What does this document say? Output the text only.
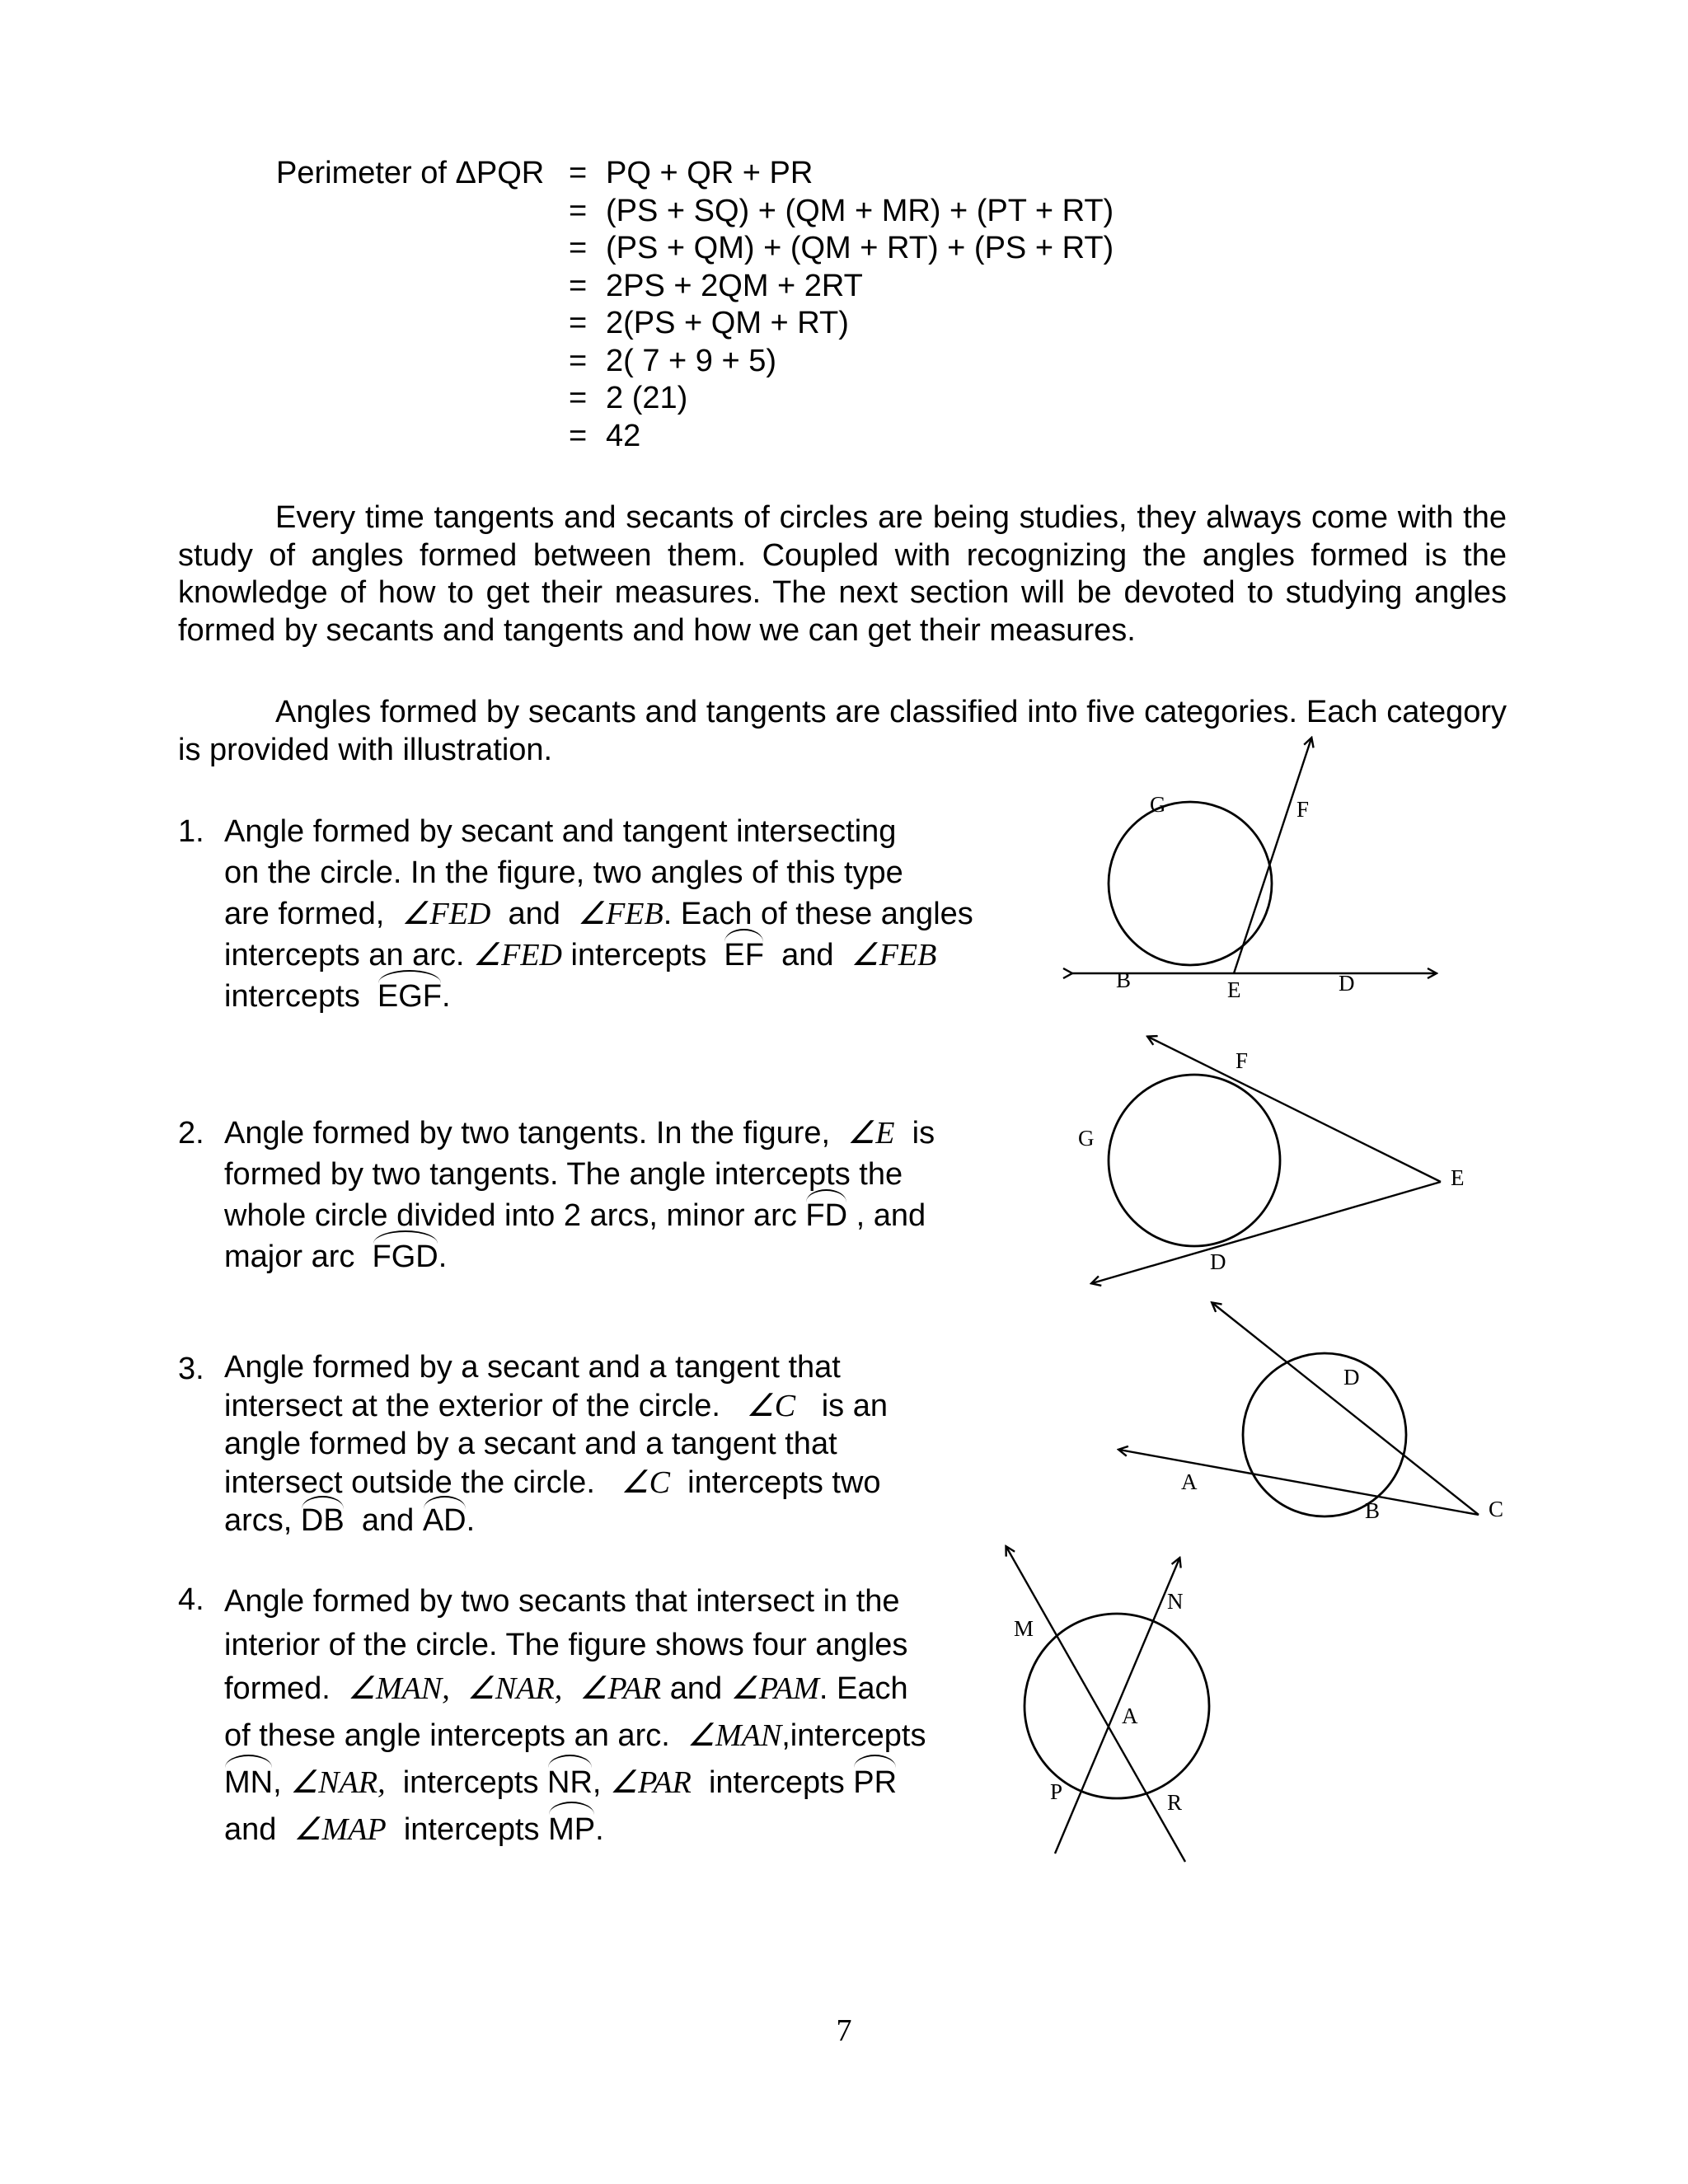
Perimeter of ΔPQR = PQ + QR + PR
= (PS + SQ) + (QM + MR) + (PT + RT)
= (PS + QM) + (QM + RT) + (PS + RT)
= 2PS + 2QM + 2RT
= 2(PS + QM + RT)
= 2( 7 + 9 + 5)
= 2 (21)
= 42
Every time tangents and secants of circles are being studies, they always come with the study of angles formed between them. Coupled with recognizing the angles formed is the knowledge of how to get their measures. The next section will be devoted to studying angles formed by secants and tangents and how we can get their measures.
Angles formed by secants and tangents are classified into five categories. Each category is provided with illustration.
1. Angle formed by secant and tangent intersecting
on the circle. In the figure, two angles of this type
are formed, ∠FED and ∠FEB. Each of these angles
intercepts an arc. ∠FED intercepts EF and ∠FEB
intercepts EGF.
2. Angle formed by two tangents. In the figure, ∠E is
formed by two tangents. The angle intercepts the
whole circle divided into 2 arcs, minor arc FD , and
major arc FGD.
3. Angle formed by a secant and a tangent that
intersect at the exterior of the circle. ∠C is an
angle formed by a secant and a tangent that
intersect outside the circle. ∠C intercepts two
arcs, DB and AD.
4. Angle formed by two secants that intersect in the
interior of the circle. The figure shows four angles
formed. ∠MAN, ∠NAR, ∠PAR and ∠PAM. Each
of these angle intercepts an arc. ∠MAN,intercepts
MN, ∠NAR, intercepts NR, ∠PAR intercepts PR
and ∠MAP intercepts MP.
G	F
B	E	D
F
G
E
D
D
A
B	C
M
N
A
P	R
7
